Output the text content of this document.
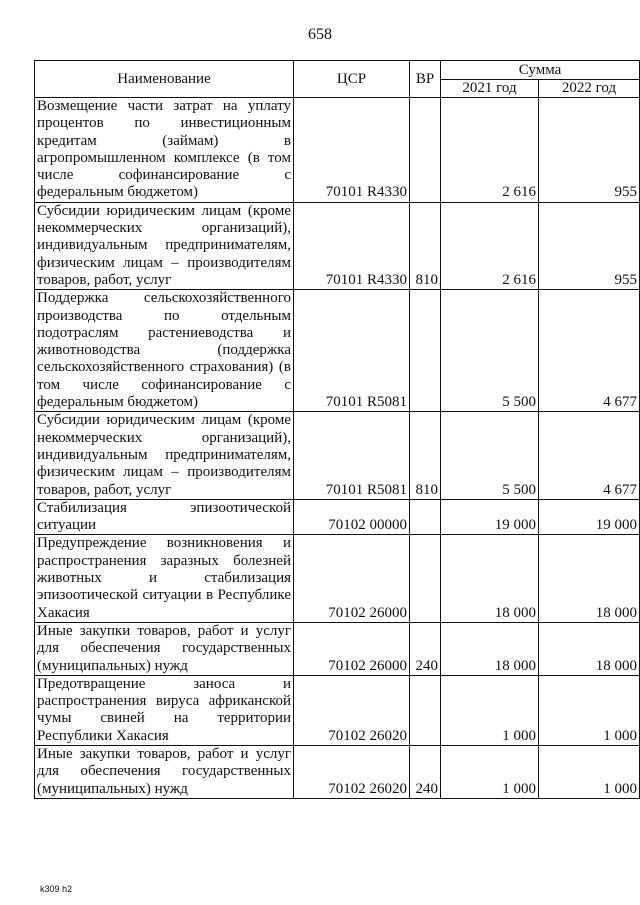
658
Наименование	ЦСР	ВР	Сумма	
			2021 год	2022 год
Возмещение части затрат на уплату процентов по инвестиционным кредитам (займам) в агропромышленном комплексе (в том числе софинансирование с федеральным бюджетом)	70101 R4330		2 616	955
Субсидии юридическим лицам (кроме некоммерческих организаций), индивидуальным предпринимателям, физическим лицам – производителям товаров, работ, услуг	70101 R4330	810	2 616	955
Поддержка сельскохозяйственного производства по отдельным подотраслям растениеводства и животноводства (поддержка сельскохозяйственного страхования) (в том числе софинансирование с федеральным бюджетом)	70101 R5081		5 500	4 677
Субсидии юридическим лицам (кроме некоммерческих организаций), индивидуальным предпринимателям, физическим лицам – производителям товаров, работ, услуг	70101 R5081	810	5 500	4 677
Стабилизация эпизоотической ситуации	70102 00000		19 000	19 000
Предупреждение возникновения и распространения заразных болезней животных и стабилизация эпизоотической ситуации в Республике Хакасия	70102 26000		18 000	18 000
Иные закупки товаров, работ и услуг для обеспечения государственных (муниципальных) нужд	70102 26000	240	18 000	18 000
Предотвращение заноса и распространения вируса африканской чумы свиней на территории Республики Хакасия	70102 26020		1 000	1 000
Иные закупки товаров, работ и услуг для обеспечения государственных (муниципальных) нужд	70102 26020	240	1 000	1 000
k309 h2
